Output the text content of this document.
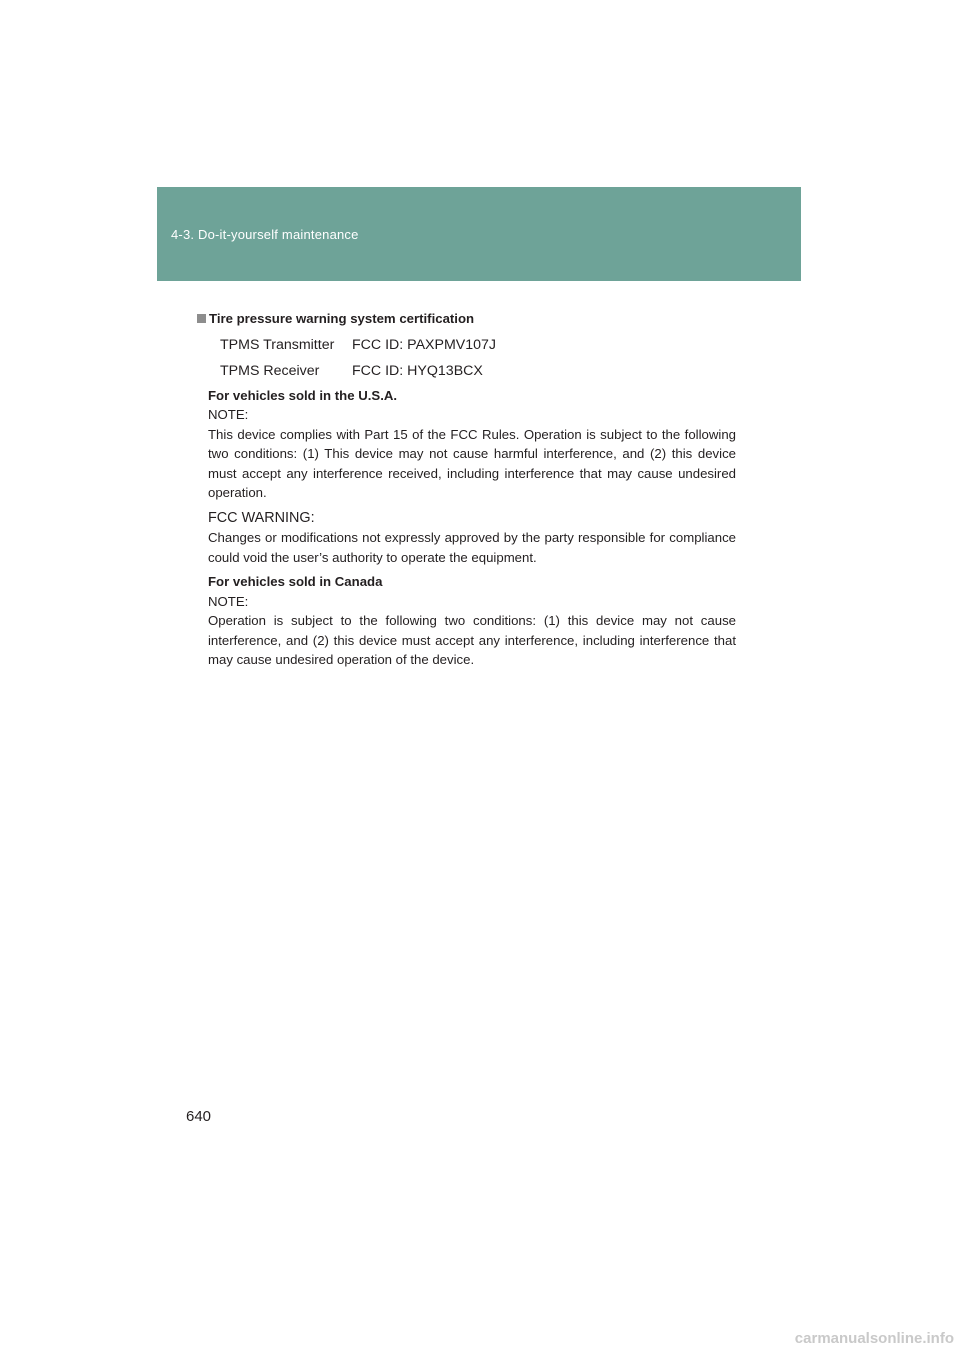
4-3. Do-it-yourself maintenance
Tire pressure warning system certification
TPMS Transmitter	FCC ID: PAXPMV107J
TPMS Receiver	FCC ID: HYQ13BCX
For vehicles sold in the U.S.A.
NOTE:
This device complies with Part 15 of the FCC Rules. Operation is subject to the following two conditions: (1) This device may not cause harmful interference, and (2) this device must accept any interference received, including interference that may cause undesired operation.
FCC WARNING:
Changes or modifications not expressly approved by the party responsible for compliance could void the user’s authority to operate the equipment.
For vehicles sold in Canada
NOTE:
Operation is subject to the following two conditions: (1) this device may not cause interference, and (2) this device must accept any interference, including interference that may cause undesired operation of the device.
640
carmanualsonline.info
